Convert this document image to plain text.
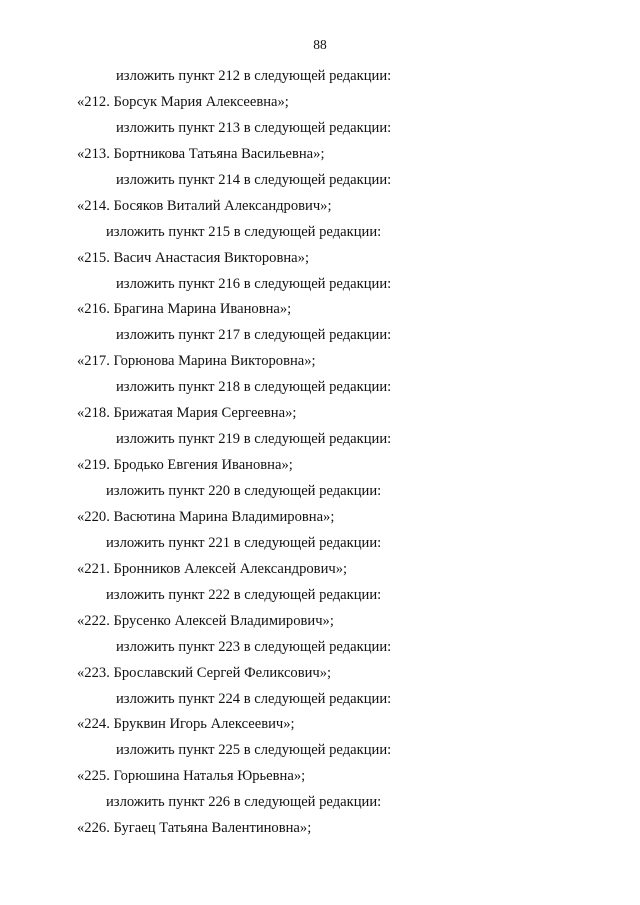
88
изложить пункт 212 в следующей редакции:
«212. Борсук Мария Алексеевна»;
изложить пункт 213 в следующей редакции:
«213. Бортникова Татьяна Васильевна»;
изложить пункт 214 в следующей редакции:
«214. Босяков Виталий Александрович»;
изложить пункт 215 в следующей редакции:
«215. Васич Анастасия Викторовна»;
изложить пункт 216 в следующей редакции:
«216. Брагина Марина Ивановна»;
изложить пункт 217 в следующей редакции:
«217. Горюнова Марина Викторовна»;
изложить пункт 218 в следующей редакции:
«218. Брижатая Мария Сергеевна»;
изложить пункт 219 в следующей редакции:
«219. Бродько Евгения Ивановна»;
изложить пункт 220 в следующей редакции:
«220. Васютина Марина Владимировна»;
изложить пункт 221 в следующей редакции:
«221. Бронников Алексей Александрович»;
изложить пункт 222 в следующей редакции:
«222. Брусенко Алексей Владимирович»;
изложить пункт 223 в следующей редакции:
«223. Брославский Сергей Феликсович»;
изложить пункт 224 в следующей редакции:
«224. Бруквин Игорь Алексеевич»;
изложить пункт 225 в следующей редакции:
«225. Горюшина Наталья Юрьевна»;
изложить пункт 226 в следующей редакции:
«226. Бугаец Татьяна Валентиновна»;
